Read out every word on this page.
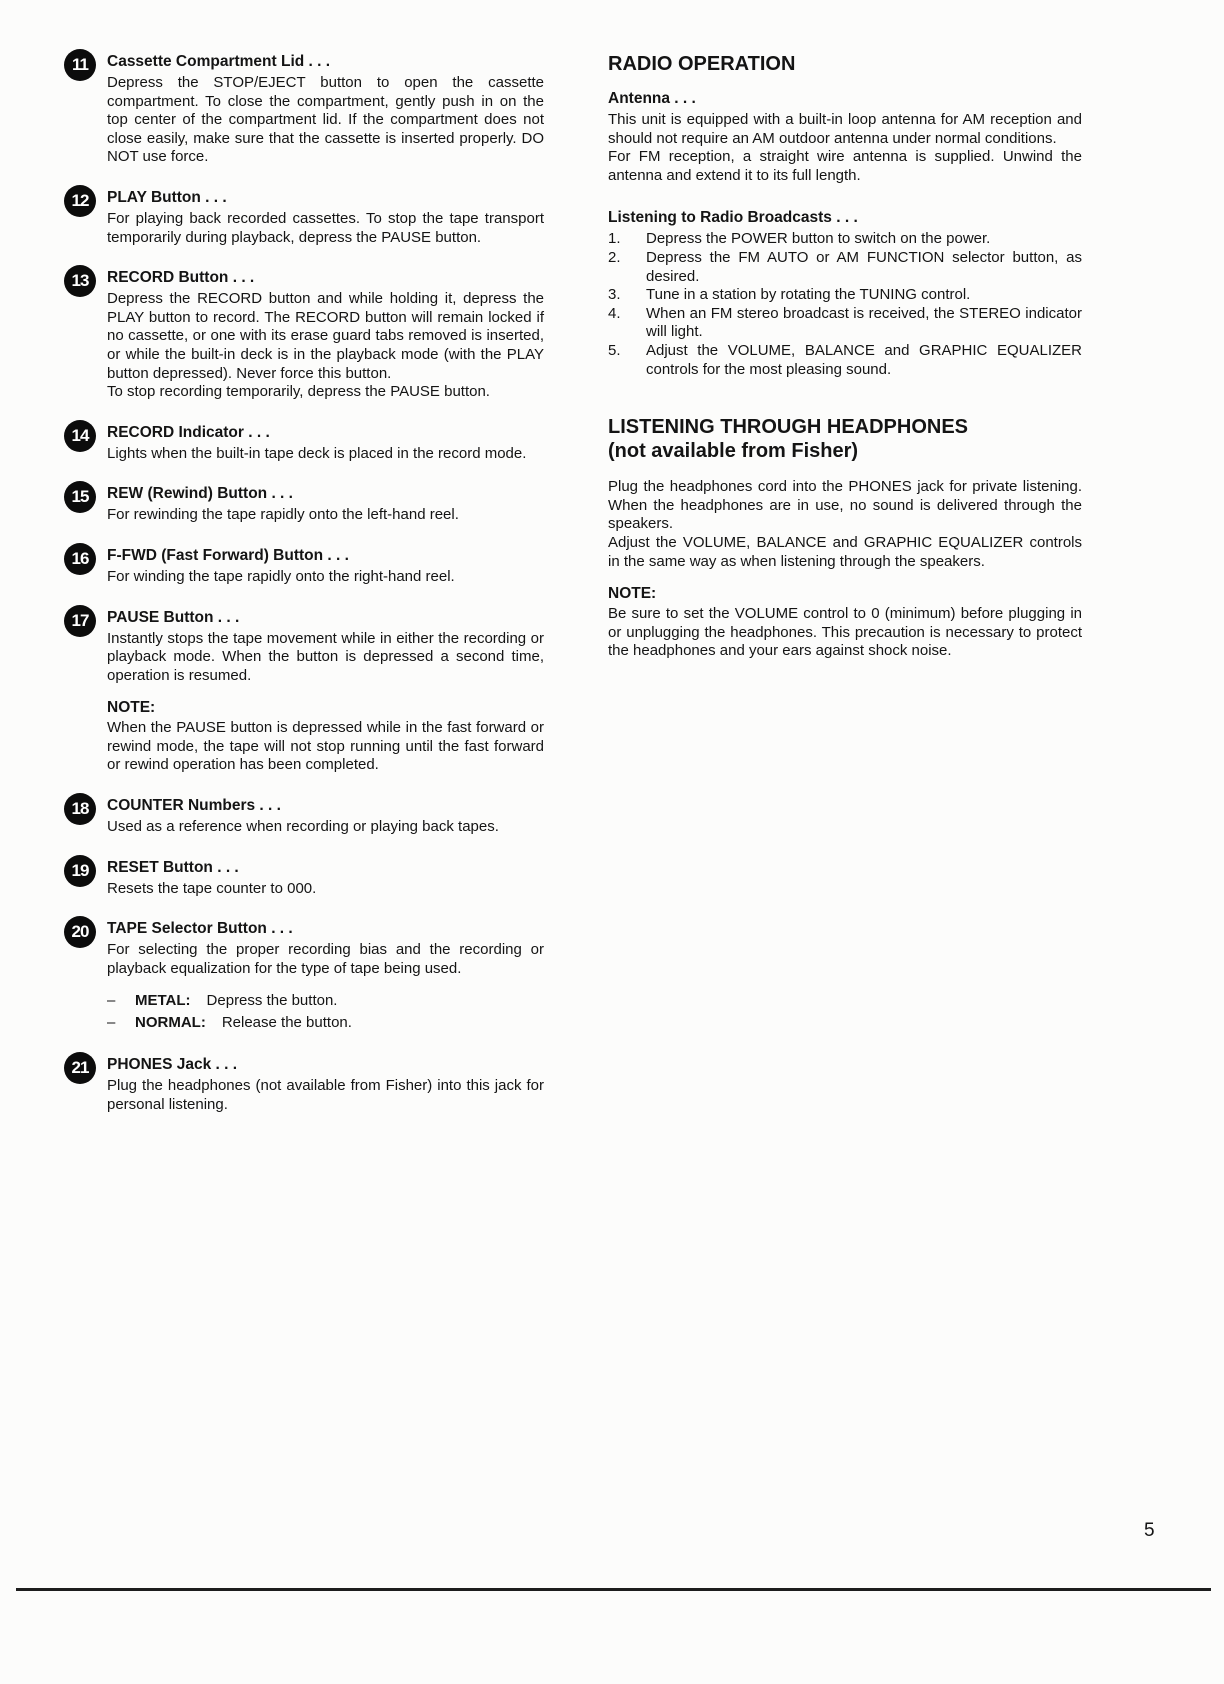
11	Cassette Compartment Lid . . .

Depress the STOP/EJECT button to open the cassette compartment. To close the compartment, gently push in on the top center of the compartment lid. If the compartment does not close easily, make sure that the cassette is inserted properly. DO NOT use force.

12	PLAY Button . . .

For playing back recorded cassettes. To stop the tape transport temporarily during playback, depress the PAUSE button.

13	RECORD Button . . .

Depress the RECORD button and while holding it, depress the PLAY button to record. The RECORD button will remain locked if no cassette, or one with its erase guard tabs removed is inserted, or while the built-in deck is in the playback mode (with the PLAY button depressed). Never force this button.

To stop recording temporarily, depress the PAUSE button.

14	RECORD Indicator . . .

Lights when the built-in tape deck is placed in the record mode.

15	REW (Rewind) Button . . .

For rewinding the tape rapidly onto the left-hand reel.

16	F-FWD (Fast Forward) Button . . .

For winding the tape rapidly onto the right-hand reel.

17	PAUSE Button . . .

Instantly stops the tape movement while in either the recording or playback mode. When the button is depressed a second time, operation is resumed.

NOTE:

When the PAUSE button is depressed while in the fast forward or rewind mode, the tape will not stop running until the fast forward or rewind operation has been completed.

18	COUNTER Numbers . . .

Used as a reference when recording or playing back tapes.

19	RESET Button . . .

Resets the tape counter to 000.

20	TAPE Selector Button . . .

For selecting the proper recording bias and the recording or playback equalization for the type of tape being used.

–	METAL: Depress the button.
–	NORMAL: Release the button.
21	PHONES Jack . . .

Plug the headphones (not available from Fisher) into this jack for personal listening.

RADIO OPERATION
Antenna . . .

This unit is equipped with a built-in loop antenna for AM reception and should not require an AM outdoor antenna under normal conditions.

For FM reception, a straight wire antenna is supplied. Unwind the antenna and extend it to its full length.

Listening to Radio Broadcasts . . .
1.	Depress the POWER button to switch on the power.
2.	Depress the FM AUTO or AM FUNCTION selector button, as desired.
3.	Tune in a station by rotating the TUNING control.
4.	When an FM stereo broadcast is received, the STEREO indicator will light.
5.	Adjust the VOLUME, BALANCE and GRAPHIC EQUALIZER controls for the most pleasing sound.
LISTENING THROUGH HEADPHONES
(not available from Fisher)

Plug the headphones cord into the PHONES jack for private listening. When the headphones are in use, no sound is delivered through the speakers.

Adjust the VOLUME, BALANCE and GRAPHIC EQUALIZER controls in the same way as when listening through the speakers.

NOTE:

Be sure to set the VOLUME control to 0 (minimum) before plugging in or unplugging the headphones. This precaution is necessary to protect the headphones and your ears against shock noise.

5
